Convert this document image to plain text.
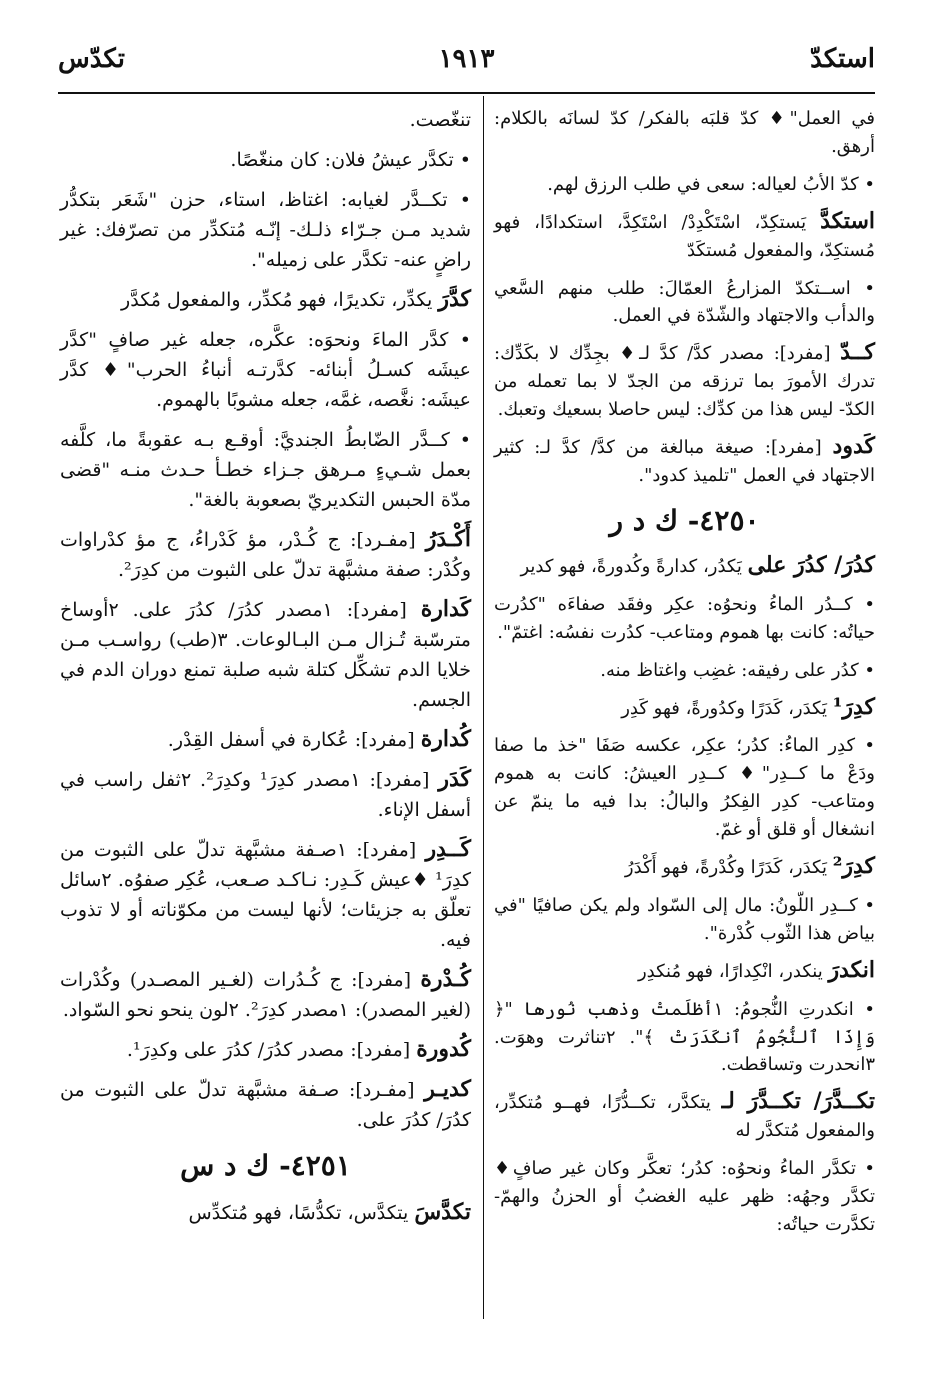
استكدّ
١٩١٣
تكدّس

في العمل"♦ كدّ قلبَه بالفكر/ كدّ لسانَه بالكلام: أرهق.

• كدّ الأبُ لعياله: سعى في طلب الرزق لهم.

استكدَّ يَستكِدّ، اسْتَكْدِدْ/ اسْتَكِدَّ، استكدادًا، فهو مُستكِدّ، والمفعول مُستكَدّ

• اســتكدّ المزارعُ العمّالَ: طلب منهم السَّعي والدأب والاجتهاد والشّدّة في العمل.

كــدّ [مفرد]: مصدر كدَّ/ كدَّ لـ♦ بجِدِّك لا بكَدِّك: تدرك الأمورَ بما ترزقه من الجدّ لا بما تعمله من الكدّ- ليس هذا من كدِّك: ليس حاصلا بسعيك وتعبك.

كَدود [مفرد]: صيغة مبالغة من كدَّ/ كدَّ لـ: كثير الاجتهاد في العمل "تلميذ كدود".

٤٢٥٠- ك د ر

كدُرَ/ كدُرَ على يَكدُر، كدارةً وكُدورةً، فهو كدير

• كــدُر الماءُ ونحوُه: عكِر وفقَد صفاءَه "كدُرت حياتُه: كانت بها هموم ومتاعب- كدُرت نفسُه: اغتمّ".

• كدُر على رفيقه: غضِب واغتاظ منه.

كدِرَ¹ يَكدَر، كَدَرًا وكدُورةً، فهو كَدِر

• كدِر الماءُ: كدُر؛ عكِر، عكسه صَفَا "خذ ما صفا ودَعْ ما كــدِر"♦ كــدِر العيشُ: كانت به هموم ومتاعب- كدِر الفِكرُ والبالُ: بدا فيه ما ينمّ عن انشغال أو قلق أو غمّ.

كدِرَ² يَكدَر، كَدَرًا وكُدْرةً، فهو أَكْدَرُ

• كــدِر اللّونُ: مال إلى السّواد ولم يكن صافيًا "في بياض هذا الثّوب كُدْرة".

انكدرَ ينكدر، انْكِدارًا، فهو مُنكدِر

• انكدرتِ النُّجومُ: ١أظلَمتْ وذهب نُورها "﴿ وَإِذَا ٱلنُّجُومُ ٱنكَدَرَتْ ﴾". ٢تناثرت وهوَت. ٣انحدرت وتساقطت.

تكــدَّرَ/ تكــدَّرَ لـ يتكدَّر، تكــدُّرًا، فهــو مُتكدِّر، والمفعول مُتكدَّر له

• تكدَّر الماءُ ونحوُه: كدُر؛ تعكَّر وكان غير صافٍ♦ تكدَّر وجهُه: ظهر عليه الغضبُ أو الحزنُ والهمّ- تكدَّرت حياتُه:

تنغّصت.

• تكدَّر عيشُ فلان: كان منغّصًا.

• تكــدَّر لغيابه: اغتاظ، استاء، حزن "شَعَر بتكدُّر شديد مـن جـرّاء ذلـك- إنّـه مُتكدِّر من تصرّفك: غير راضٍ عنه- تكدَّر على زميله".

كدَّرَ يكدِّر، تكديرًا، فهو مُكدِّر، والمفعول مُكدَّر

• كدَّر الماءَ ونحوَه: عكَّره، جعله غير صافٍ "كدَّر عيشَه كسـلُ أبنائه- كدَّرتـه أنباءُ الحرب"♦ كدَّر عيشَه: نغَّصه، غمَّه، جعله مشوبًا بالهموم.

• كــدَّر الضّابطُ الجنديَّ: أوقـع بـه عقوبةً ما، كلَّفه بعمل شـيءٍ مـرهق جـزاء خطـأ حـدث منـه "قضى مدّة الحبس التكديريّ بصعوبة بالغة".

أَكْـدَرُ [مفـرد]: ج كُـدْر، مؤ كَدْراءُ، ج مؤ كدْراوات وكُدْر: صفة مشبَّهة تدلّ على الثبوت من كدِرَ².

كَدارة [مفرد]: ١مصدر كدُرَ/ كدُرَ على. ٢أوساخ مترسّبة تُـزال مـن البـالوعات. ٣(طب) رواسـب مـن خلايا الدم تشكِّل كتلة شبه صلبة تمنع دوران الدم في الجسم.

كُدارة [مفرد]: عُكارة في أسفل القِدْر.

كَدَر [مفرد]: ١مصدر كدِرَ¹ وكدِرَ². ٢ثفل راسب في أسفل الإناء.

كَــدِر [مفرد]: ١صـفة مشبَّهة تدلّ على الثبوت من كدِرَ¹ ♦عيش كَـدِر: نـاكـد صـعب، عُكِر صفوُه. ٢سائل تعلّق به جزيئات؛ لأنها ليست من مكوّناته أو لا تذوب فيه.

كُـدْرة [مفرد]: ج كُـدُرات (لغـير المصـدر) وكُدْرات (لغير المصدر): ١مصدر كدِرَ². ٢لون ينحو نحو السّواد.

كُدورة [مفرد]: مصدر كدُرَ/ كدُرَ على وكدِرَ¹.

كديـر [مفـرد]: صـفة مشبَّهة تدلّ على الثبوت من كدُرَ/ كدُرَ على.

٤٢٥١- ك د س

تكدَّسَ يتكدَّس، تكدُّسًا، فهو مُتكدِّس
